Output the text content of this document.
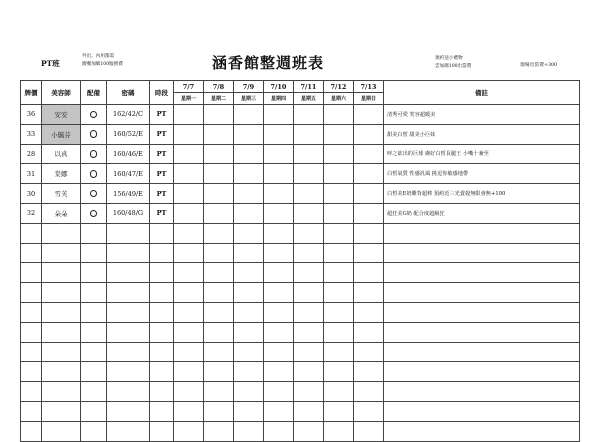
PT班
外出、內用都需
贈餐加碼100服務費	涵香館整週班表	預約送小禮物
雲加碼100出當費	現場出當費+300
牌價	美容師	配備	密碼	時段	7/7	7/8	7/9	7/10	7/11	7/12	7/13	備註
					星期一	星期二	星期三	星期四	星期五	星期六	星期日	
36	安安		162/42/C	PT								清秀可愛 笑容超暖美
33	小毓芬		160/52/E	PT								甜美白皙 甜美小巨妹
28	以真		160/46/E	PT								呼之欲出的巨球 膚好白皙長腿王 小嘴十兼至
31	棠娜		160/47/E	PT								白皙氣質 性感汎風 挑逗你敏感地帶
30	雪芙		156/49/E	PT								白皙美E奶雕背超棒 預約近三光賣殺無限會無+100
32	朵朵		160/48/G	PT								超狂美G奶 配合度超級狂
